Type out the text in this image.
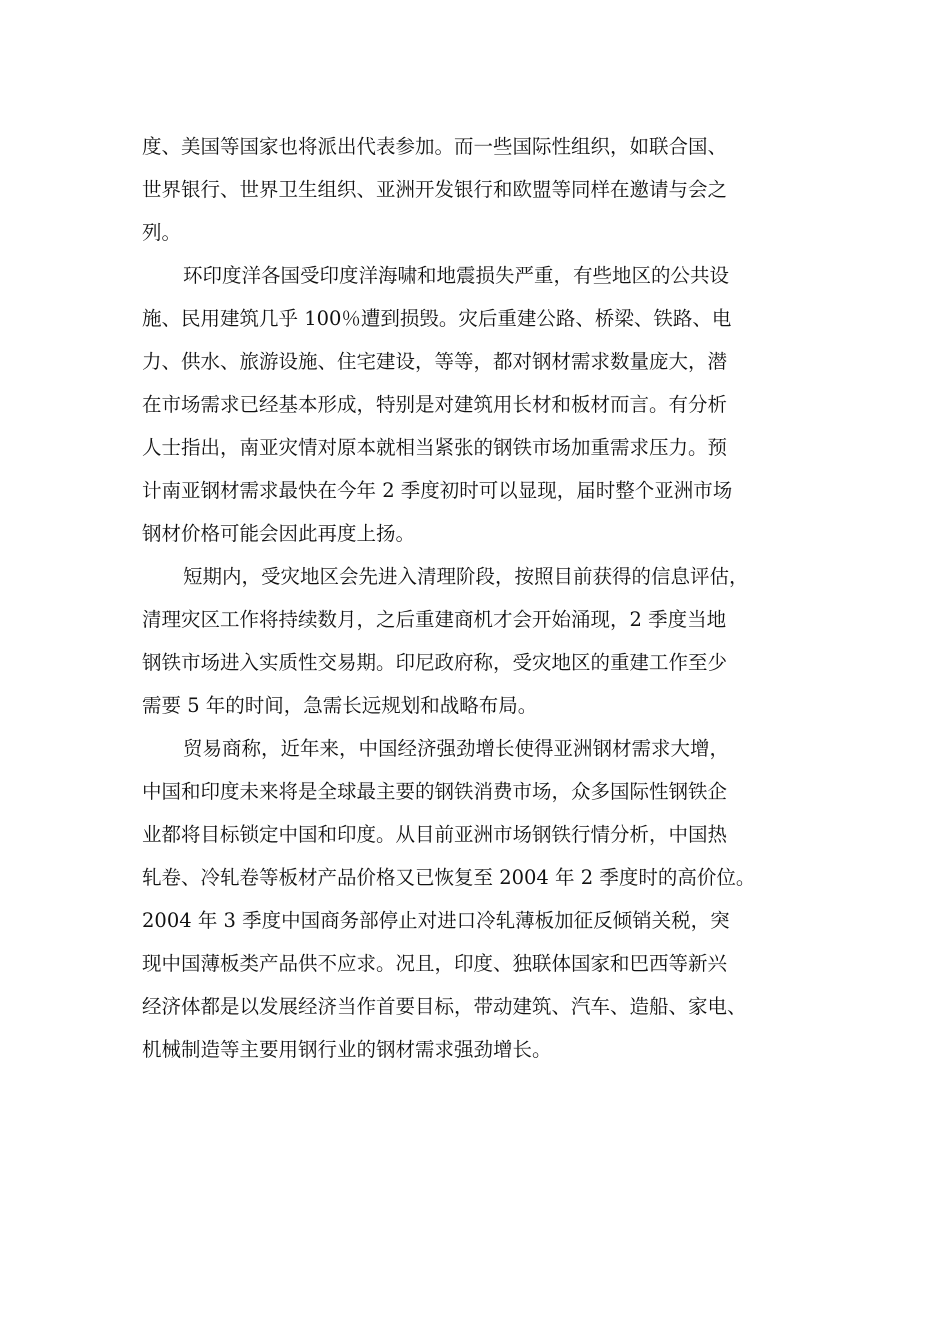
度、美国等国家也将派出代表参加。而一些国际性组织，如联合国、
世界银行、世界卫生组织、亚洲开发银行和欧盟等同样在邀请与会之
列。
环印度洋各国受印度洋海啸和地震损失严重，有些地区的公共设
施、民用建筑几乎 100％遭到损毁。灾后重建公路、桥梁、铁路、电
力、供水、旅游设施、住宅建设，等等，都对钢材需求数量庞大，潜
在市场需求已经基本形成，特别是对建筑用长材和板材而言。有分析
人士指出，南亚灾情对原本就相当紧张的钢铁市场加重需求压力。预
计南亚钢材需求最快在今年 2 季度初时可以显现，届时整个亚洲市场
钢材价格可能会因此再度上扬。
短期内，受灾地区会先进入清理阶段，按照目前获得的信息评估，
清理灾区工作将持续数月，之后重建商机才会开始涌现，2 季度当地
钢铁市场进入实质性交易期。印尼政府称，受灾地区的重建工作至少
需要 5 年的时间，急需长远规划和战略布局。
贸易商称，近年来，中国经济强劲增长使得亚洲钢材需求大增，
中国和印度未来将是全球最主要的钢铁消费市场，众多国际性钢铁企
业都将目标锁定中国和印度。从目前亚洲市场钢铁行情分析，中国热
轧卷、冷轧卷等板材产品价格又已恢复至 2004 年 2 季度时的高价位。
2004 年 3 季度中国商务部停止对进口冷轧薄板加征反倾销关税，突
现中国薄板类产品供不应求。况且，印度、独联体国家和巴西等新兴
经济体都是以发展经济当作首要目标，带动建筑、汽车、造船、家电、
机械制造等主要用钢行业的钢材需求强劲增长。
